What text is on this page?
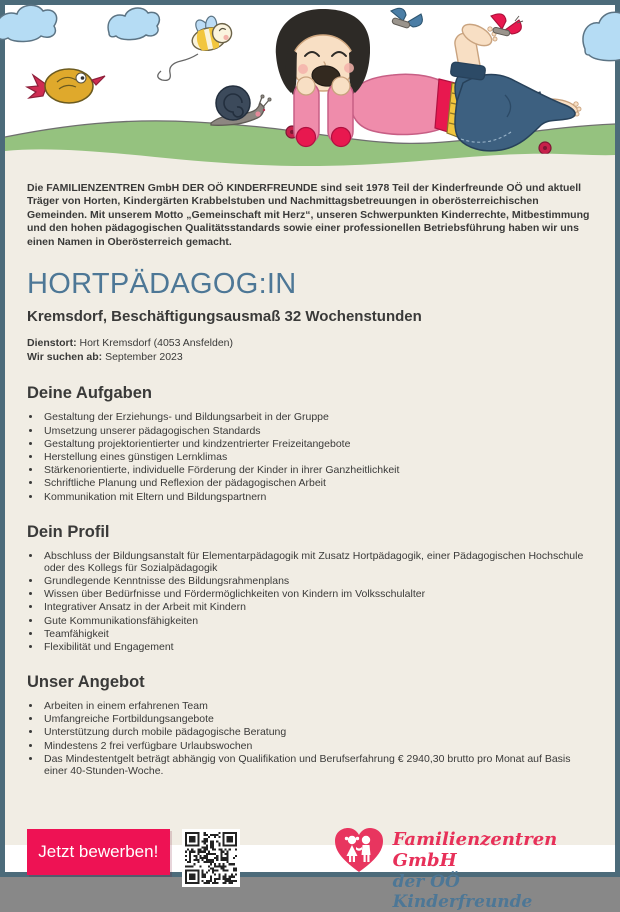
Die FAMILIENZENTREN GmbH DER OÖ KINDERFREUNDE sind seit 1978 Teil der Kinderfreunde OÖ und aktuell Träger von Horten, Kindergärten Krabbelstuben und Nachmittagsbetreuungen in oberösterreichischen Gemeinden. Mit unserem Motto „Gemeinschaft mit Herz“, unseren Schwerpunkten Kinderrechte, Mitbestimmung und den hohen pädagogischen Qualitätsstandards sowie einer professionellen Betriebsführung haben wir uns einen Namen in Oberösterreich gemacht.

HORTPÄDAGOG:IN
Kremsdorf, Beschäftigungsausmaß 32 Wochenstunden
Dienstort: Hort Kremsdorf (4053 Ansfelden)
Wir suchen ab: September 2023
Deine Aufgaben
• Gestaltung der Erziehungs- und Bildungsarbeit in der Gruppe
• Umsetzung unserer pädagogischen Standards
• Gestaltung projektorientierter und kindzentrierter Freizeitangebote
• Herstellung eines günstigen Lernklimas
• Stärkenorientierte, individuelle Förderung der Kinder in ihrer Ganzheitlichkeit
• Schriftliche Planung und Reflexion der pädagogischen Arbeit
• Kommunikation mit Eltern und Bildungspartnern
Dein Profil
• Abschluss der Bildungsanstalt für Elementarpädagogik mit Zusatz Hortpädagogik, einer Pädagogischen Hochschule oder des Kollegs für Sozialpädagogik
• Grundlegende Kenntnisse des Bildungsrahmenplans
• Wissen über Bedürfnisse und Fördermöglichkeiten von Kindern im Volksschulalter
• Integrativer Ansatz in der Arbeit mit Kindern
• Gute Kommunikationsfähigkeiten
• Teamfähigkeit
• Flexibilität und Engagement
Unser Angebot
• Arbeiten in einem erfahrenen Team
• Umfangreiche Fortbildungsangebote
• Unterstützung durch mobile pädagogische Beratung
• Mindestens 2 frei verfügbare Urlaubswochen
• Das Mindestentgelt beträgt abhängig von Qualifikation und Berufserfahrung € 2940,30 brutto pro Monat auf Basis einer 40-Stunden-Woche.
Jetzt bewerben!
Familienzentren GmbH
der OÖ Kinderfreunde
